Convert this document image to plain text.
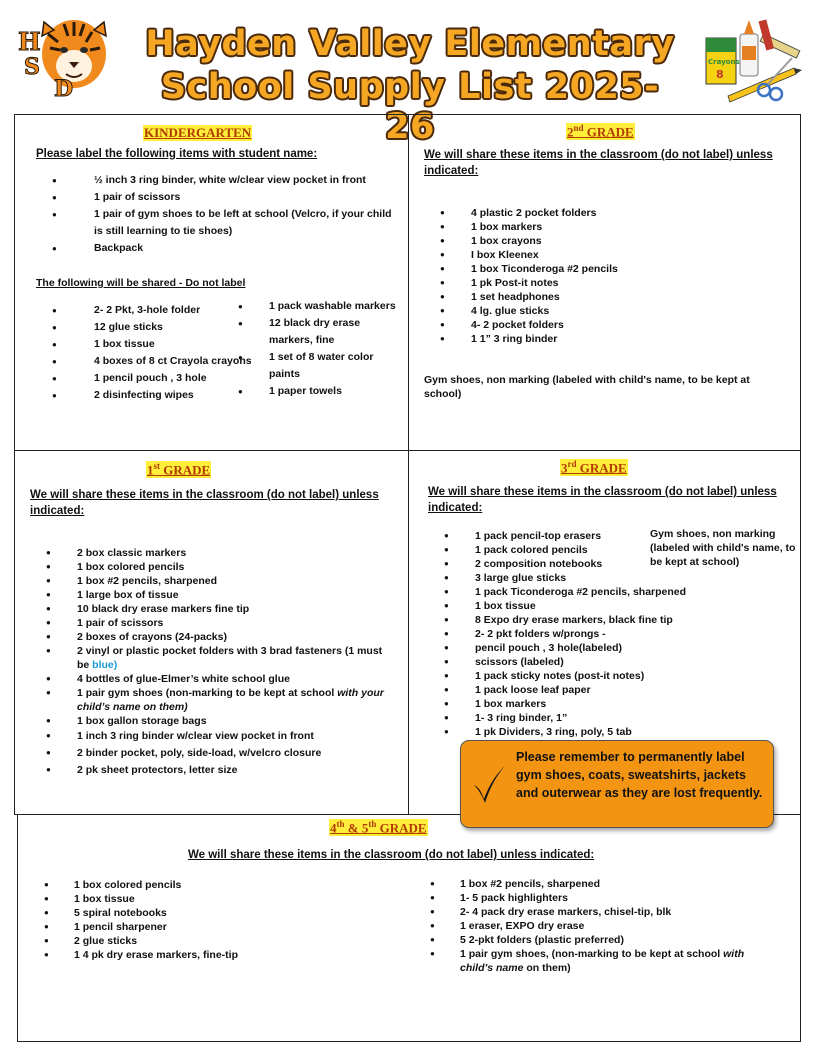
H
S
D
Hayden Valley Elementary
School Supply List 2025-26
Crayons
8
KINDERGARTEN
Please label the following items with student name:
● ½ inch 3 ring binder, white w/clear view pocket in front
● 1 pair of scissors
● 1 pair of gym shoes to be left at school (Velcro, if your child is still learning to tie shoes)
● Backpack
The following will be shared - Do not label
● 2- 2 Pkt, 3-hole folder
● 12 glue sticks
● 1 box tissue
● 4 boxes of 8 ct Crayola crayons
● 1 pencil pouch , 3 hole
● 2 disinfecting wipes
● 1 pack washable markers
● 12 black dry erase markers, fine
● 1 set of 8 water color paints
● 1 paper towels
2nd GRADE
We will share these items in the classroom (do not label) unless indicated:
● 4 plastic 2 pocket folders
● 1 box markers
● 1 box crayons
● I box Kleenex
● 1 box Ticonderoga #2 pencils
● 1 pk Post-it notes
● 1 set headphones
● 4 lg. glue sticks
● 4- 2 pocket folders
● 1 1” 3 ring binder
Gym shoes, non marking (labeled with child's name, to be kept at school)
1st GRADE
We will share these items in the classroom (do not label) unless indicated:
● 2 box classic markers
● 1 box colored pencils
● 1 box #2 pencils, sharpened
● 1 large box of tissue
● 10 black dry erase markers fine tip
● 1 pair of scissors
● 2 boxes of crayons (24-packs)
● 2 vinyl or plastic pocket folders with 3 brad fasteners (1 must be blue)
● 4 bottles of glue-Elmer’s white school glue
● 1 pair gym shoes (non-marking to be kept at school with your child’s name on them)
● 1 box gallon storage bags
● 1 inch 3 ring binder w/clear view pocket in front
● 2 binder pocket, poly, side-load, w/velcro closure
● 2 pk sheet protectors, letter size
3rd GRADE
We will share these items in the classroom (do not label) unless indicated:
● 1 pack pencil-top erasers
● 1 pack colored pencils
● 2 composition notebooks
● 3 large glue sticks
● 1 pack Ticonderoga #2 pencils, sharpened
● 1 box tissue
● 8 Expo dry erase markers, black fine tip
● 2- 2 pkt folders w/prongs -
● pencil pouch , 3 hole(labeled)
● scissors (labeled)
● 1 pack sticky notes (post-it notes)
● 1 pack loose leaf paper
● 1 box markers
● 1- 3 ring binder, 1”
● 1 pk Dividers, 3 ring, poly, 5 tab
Gym shoes, non marking (labeled with child's name, to be kept at school)
Please remember to permanently label gym shoes, coats, sweatshirts, jackets and outerwear as they are lost frequently.
4th & 5th GRADE
We will share these items in the classroom (do not label) unless indicated:
● 1 box colored pencils
● 1 box tissue
● 5 spiral notebooks
● 1 pencil sharpener
● 2 glue sticks
● 1 4 pk dry erase markers, fine-tip
● 1 box #2 pencils, sharpened
● 1- 5 pack highlighters
● 2- 4 pack dry erase markers, chisel-tip, blk
● 1 eraser, EXPO dry erase
● 5 2-pkt folders (plastic preferred)
● 1 pair gym shoes, (non-marking to be kept at school with child’s name on them)
